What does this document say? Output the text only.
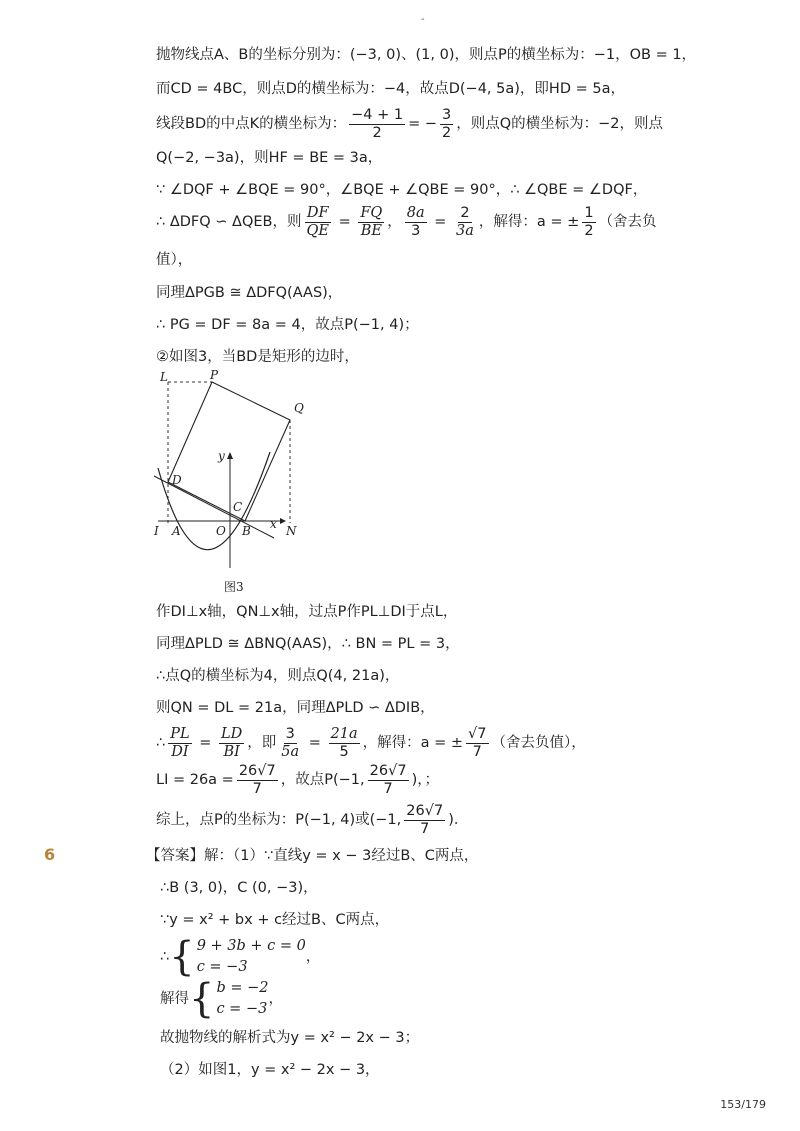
-
抛物线点A、B的坐标分别为：(−3, 0)、(1, 0)，则点P的横坐标为：−1，OB = 1，
而CD = 4BC，则点D的横坐标为：−4，故点D(−4, 5a)，即HD = 5a，
线段BD的中点K的横坐标为： $\frac{-4 + 1}{2}$ = − $\frac{3}{2}$ ，则点Q的横坐标为：−2，则点
Q(−2, −3a)，则HF = BE = 3a，
∵ ∠DQF + ∠BQE = 90°，∠BQE + ∠QBE = 90°，∴ ∠QBE = ∠DQF，
∴ ΔDFQ ∽ ΔQEB，则 $\frac{DF}{QE} = \frac{FQ}{BE}$ ， $\frac{8a}{3} = \frac{2}{3a}$ ，解得：a = ± $\frac{1}{2}$ （舍去负
值），
同理ΔPGB ≅ ΔDFQ(AAS)，
∴ PG = DF = 8a = 4，故点P(−1, 4)；
②如图3，当BD是矩形的边时，
L	P
Q
y
D
C
I A	O B x N
图3
作DI⊥x轴，QN⊥x轴，过点P作PL⊥DI于点L，
同理ΔPLD ≅ ΔBNQ(AAS)，∴ BN = PL = 3，
∴点Q的横坐标为4，则点Q(4, 21a)，
则QN = DL = 21a，同理ΔPLD ∽ ΔDIB，
∴ $\frac{PL}{DI} = \frac{LD}{BI}$ ，即 $\frac{3}{5a} = \frac{21a}{5}$ ，解得：a = ± $\frac{√7}{7}$ （舍去负值），
LI = $26a = \frac{26√7}{7}$ ，故点P(−1, $\frac{26√7}{7}$ )，；
综上，点P的坐标为：P(−1, 4)或(−1, $\frac{26√7}{7}$ )．
6	【答案】解：（1）∵直线y = x − 3经过B、C两点，
∴B (3, 0)，C (0, −3)，
∵y = x² + bx + c经过B、C两点，
∴ { 9 + 3b + c = 0
c = −3
，
解得 { b = −2
c = −3
，
故抛物线的解析式为y = x² − 2x − 3；
（2）如图1，y = x² − 2x − 3，
153/179
